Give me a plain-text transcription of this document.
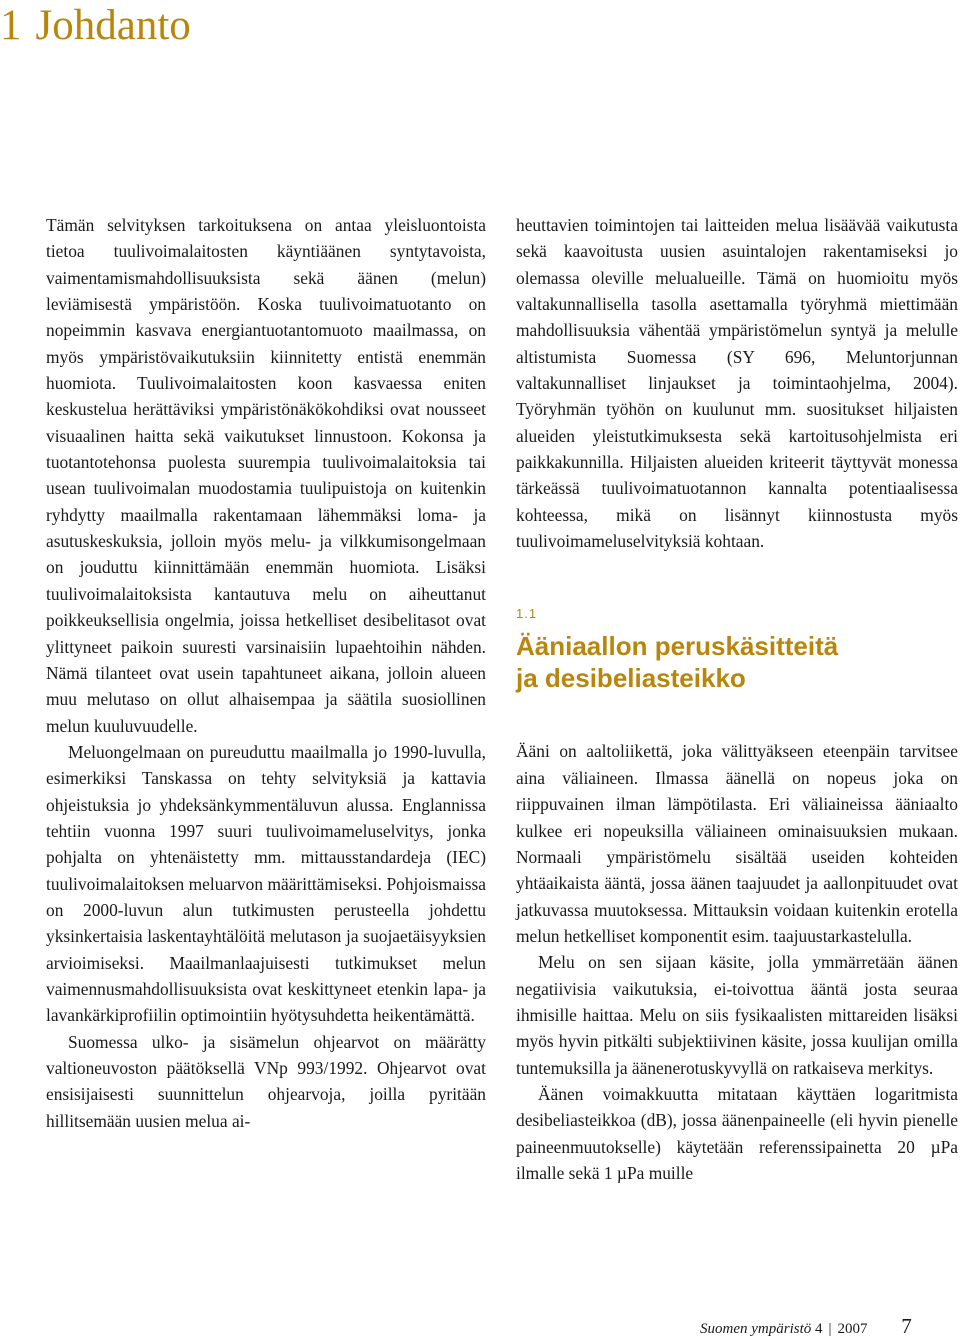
1 Johdanto

Tämän selvityksen tarkoituksena on antaa yleisluontoista tietoa tuulivoimalaitosten käyntiäänen syntytavoista, vaimentamismahdollisuuksista sekä äänen (melun) leviämisestä ympäristöön. Koska tuulivoimatuotanto on nopeimmin kasvava energiantuotantomuoto maailmassa, on myös ympäristövaikutuksiin kiinnitetty entistä enemmän huomiota. Tuulivoimalaitosten koon kasvaessa eniten keskustelua herättäviksi ympäristönäkökohdiksi ovat nousseet visuaalinen haitta sekä vaikutukset linnustoon. Kokonsa ja tuotantotehonsa puolesta suurempia tuulivoimalaitoksia tai usean tuulivoimalan muodostamia tuulipuistoja on kuitenkin ryhdytty maailmalla rakentamaan lähemmäksi loma- ja asutuskeskuksia, jolloin myös melu- ja vilkkumisongelmaan on jouduttu kiinnittämään enemmän huomiota. Lisäksi tuulivoimalaitoksista kantautuva melu on aiheuttanut poikkeuksellisia ongelmia, joissa hetkelliset desibelitasot ovat ylittyneet paikoin suuresti varsinaisiin lupaehtoihin nähden. Nämä tilanteet ovat usein tapahtuneet aikana, jolloin alueen muu melutaso on ollut alhaisempaa ja säätila suosiollinen melun kuuluvuudelle.

Meluongelmaan on pureuduttu maailmalla jo 1990-luvulla, esimerkiksi Tanskassa on tehty selvityksiä ja kattavia ohjeistuksia jo yhdeksänkymmentäluvun alussa. Englannissa tehtiin vuonna 1997 suuri tuulivoimameluselvitys, jonka pohjalta on yhtenäistetty mm. mittausstandardeja (IEC) tuulivoimalaitoksen meluarvon määrittämiseksi. Pohjoismaissa on 2000-luvun alun tutkimusten perusteella johdettu yksinkertaisia laskentayhtälöitä melutason ja suojaetäisyyksien arvioimiseksi. Maailmanlaajuisesti tutkimukset melun vaimennusmahdollisuuksista ovat keskittyneet etenkin lapa- ja lavankärkiprofiilin optimointiin hyötysuhdetta heikentämättä.

Suomessa ulko- ja sisämelun ohjearvot on määrätty valtioneuvoston päätöksellä VNp 993/1992. Ohjearvot ovat ensisijaisesti suunnittelun ohjearvoja, joilla pyritään hillitsemään uusien melua ai-

heuttavien toimintojen tai laitteiden melua lisäävää vaikutusta sekä kaavoitusta uusien asuintalojen rakentamiseksi jo olemassa oleville melualueille. Tämä on huomioitu myös valtakunnallisella tasolla asettamalla työryhmä miettimään mahdollisuuksia vähentää ympäristömelun syntyä ja melulle altistumista Suomessa (SY 696, Meluntorjunnan valtakunnalliset linjaukset ja toimintaohjelma, 2004). Työryhmän työhön on kuulunut mm. suositukset hiljaisten alueiden yleistutkimuksesta sekä kartoitusohjelmista eri paikkakunnilla. Hiljaisten alueiden kriteerit täyttyvät monessa tärkeässä tuulivoimatuotannon kannalta potentiaalisessa kohteessa, mikä on lisännyt kiinnostusta myös tuulivoimameluselvityksiä kohtaan.

1.1
Ääniaallon peruskäsitteitä
ja desibeliasteikko

Ääni on aaltoliikettä, joka välittyäkseen eteenpäin tarvitsee aina väliaineen. Ilmassa äänellä on nopeus joka on riippuvainen ilman lämpötilasta. Eri väliaineissa ääniaalto kulkee eri nopeuksilla väliaineen ominaisuuksien mukaan. Normaali ympäristömelu sisältää useiden kohteiden yhtäaikaista ääntä, jossa äänen taajuudet ja aallonpituudet ovat jatkuvassa muutoksessa. Mittauksin voidaan kuitenkin erotella melun hetkelliset komponentit esim. taajuustarkastelulla.

Melu on sen sijaan käsite, jolla ymmärretään äänen negatiivisia vaikutuksia, ei-toivottua ääntä josta seuraa ihmisille haittaa. Melu on siis fysikaalisten mittareiden lisäksi myös hyvin pitkälti subjektiivinen käsite, jossa kuulijan omilla tuntemuksilla ja äänenerotuskyvyllä on ratkaiseva merkitys.

Äänen voimakkuutta mitataan käyttäen logaritmista desibeliasteikkoa (dB), jossa äänenpaineelle (eli hyvin pienelle paineenmuutokselle) käytetään referenssipainetta 20 µPa ilmalle sekä 1 µPa muille

Suomen ympäristö 4 | 2007 7
